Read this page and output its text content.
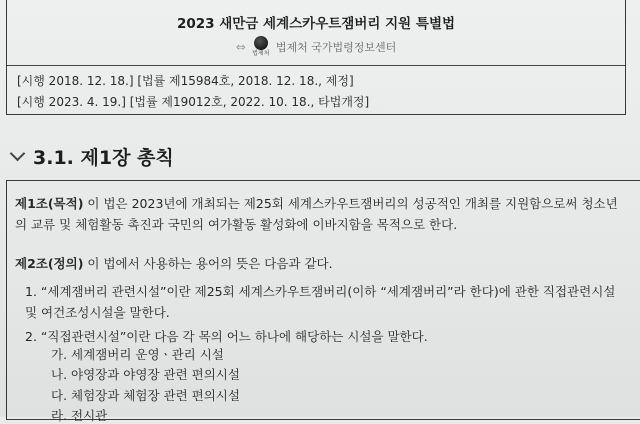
2023 새만금 세계스카우트잼버리 지원 특별법
⇔ 법제처 법제처 국가법령정보센터
[시행 2018. 12. 18.] [법률 제15984호, 2018. 12. 18., 제정]
[시행 2023. 4. 19.] [법률 제19012호, 2022. 10. 18., 타법개정]
3.1. 제1장 총칙
제1조(목적) 이 법은 2023년에 개최되는 제25회 세계스카우트잼버리의 성공적인 개최를 지원함으로써 청소년의 교류 및 체험활동 촉진과 국민의 여가활동 활성화에 이바지함을 목적으로 한다.
제2조(정의) 이 법에서 사용하는 용어의 뜻은 다음과 같다.
1. “세계잼버리 관련시설”이란 제25회 세계스카우트잼버리(이하 “세계잼버리”라 한다)에 관한 직접관련시설 및 여건조성시설을 말한다.
2. “직접관련시설”이란 다음 각 목의 어느 하나에 해당하는 시설을 말한다.
가. 세계잼버리 운영ㆍ관리 시설
나. 야영장과 야영장 관련 편의시설
다. 체험장과 체험장 관련 편의시설
라. 전시관
